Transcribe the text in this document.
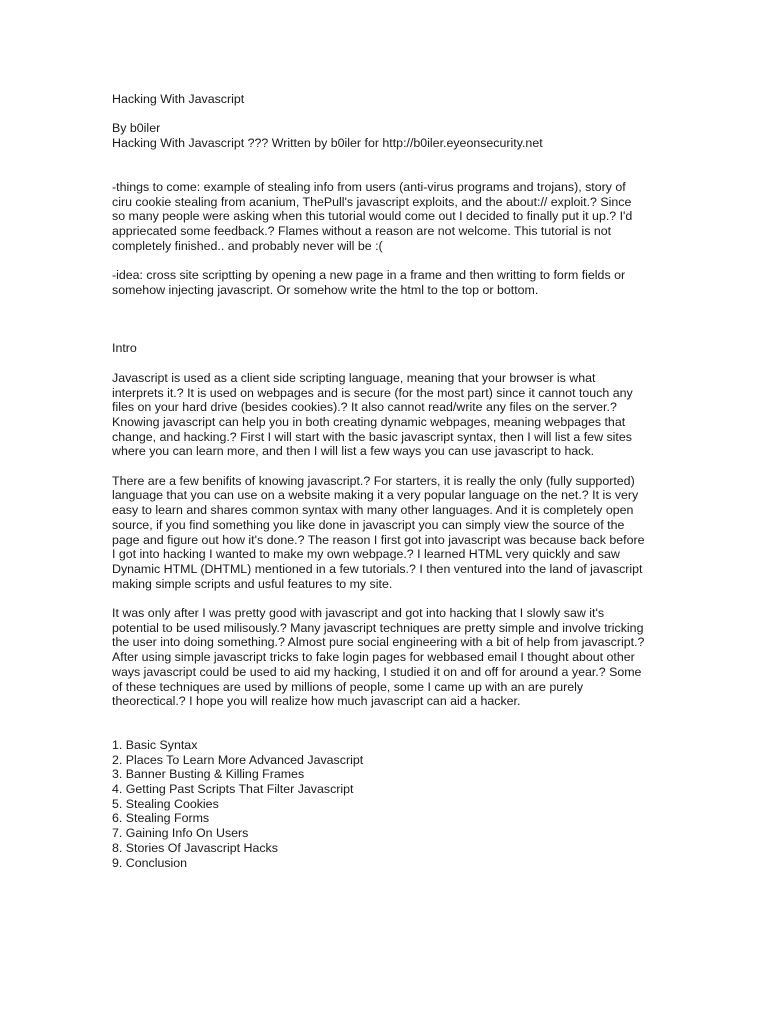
Hacking With Javascript
By b0iler
Hacking With Javascript ??? Written by b0iler for http://b0iler.eyeonsecurity.net
-things to come: example of stealing info from users (anti-virus programs and trojans), story of
ciru cookie stealing from acanium, ThePull's javascript exploits, and the about:// exploit.? Since
so many people were asking when this tutorial would come out I decided to finally put it up.? I'd
appriecated some feedback.? Flames without a reason are not welcome. This tutorial is not
completely finished.. and probably never will be :(
-idea: cross site scriptting by opening a new page in a frame and then writting to form fields or
somehow injecting javascript. Or somehow write the html to the top or bottom.
Intro
Javascript is used as a client side scripting language, meaning that your browser is what
interprets it.? It is used on webpages and is secure (for the most part) since it cannot touch any
files on your hard drive (besides cookies).? It also cannot read/write any files on the server.?
Knowing javascript can help you in both creating dynamic webpages, meaning webpages that
change, and hacking.? First I will start with the basic javascript syntax, then I will list a few sites
where you can learn more, and then I will list a few ways you can use javascript to hack.
There are a few benifits of knowing javascript.? For starters, it is really the only (fully supported)
language that you can use on a website making it a very popular language on the net.? It is very
easy to learn and shares common syntax with many other languages. And it is completely open
source, if you find something you like done in javascript you can simply view the source of the
page and figure out how it's done.? The reason I first got into javascript was because back before
I got into hacking I wanted to make my own webpage.? I learned HTML very quickly and saw
Dynamic HTML (DHTML) mentioned in a few tutorials.? I then ventured into the land of javascript
making simple scripts and usful features to my site.
It was only after I was pretty good with javascript and got into hacking that I slowly saw it's
potential to be used milisously.? Many javascript techniques are pretty simple and involve tricking
the user into doing something.? Almost pure social engineering with a bit of help from javascript.?
After using simple javascript tricks to fake login pages for webbased email I thought about other
ways javascript could be used to aid my hacking, I studied it on and off for around a year.? Some
of these techniques are used by millions of people, some I came up with an are purely
theorectical.? I hope you will realize how much javascript can aid a hacker.
1. Basic Syntax
2. Places To Learn More Advanced Javascript
3. Banner Busting & Killing Frames
4. Getting Past Scripts That Filter Javascript
5. Stealing Cookies
6. Stealing Forms
7. Gaining Info On Users
8. Stories Of Javascript Hacks
9. Conclusion
